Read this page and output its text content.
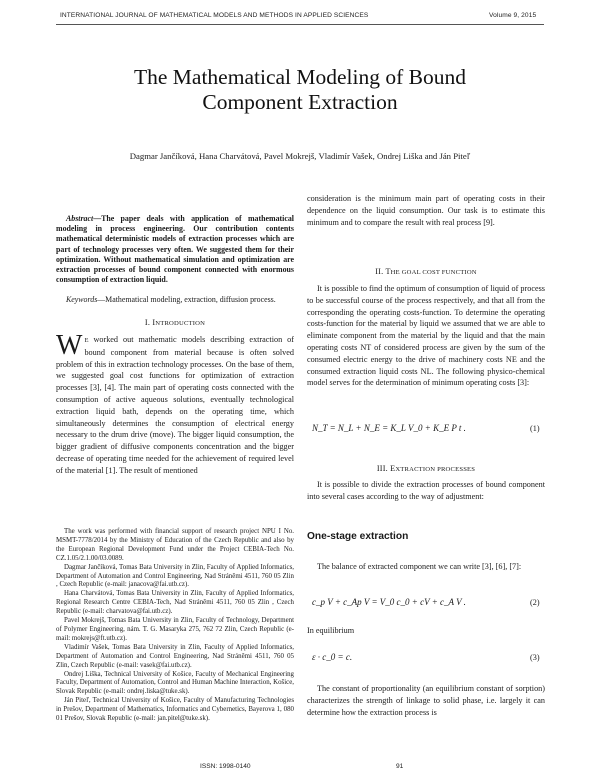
INTERNATIONAL JOURNAL OF MATHEMATICAL MODELS AND METHODS IN APPLIED SCIENCES	Volume 9, 2015
The Mathematical Modeling of Bound
Component Extraction
Dagmar Jančíková, Hana Charvátová, Pavel Mokrejš, Vladimír Vašek, Ondrej Liška and Ján Piteľ
Abstract—The paper deals with application of mathematical modeling in process engineering. Our contribution contents mathematical deterministic models of extraction processes which are part of technology processes very often. We suggested them for their optimization. Without mathematical simulation and optimization are extraction processes of bound component connected with enormous consumption of extraction liquid.
Keywords—Mathematical modeling, extraction, diffusion process.
I. INTRODUCTION
W E worked out mathematic models describing extraction of bound component from material because is often solved problem of this in extraction technology processes. On the base of them, we suggested goal cost functions for optimization of extraction processes [3], [4]. The main part of operating costs connected with the consumption of active aqueous solutions, eventually technological extraction liquid bath, depends on the operating time, which simultaneously determines the consumption of electrical energy necessary to the drum drive (move). The bigger liquid consumption, the bigger gradient of diffusive components concentration and the bigger decrease of operating time needed for the achievement of required level of the material [1]. The result of mentioned

The work was performed with financial support of research project NPU I No. MSMT-7778/2014 by the Ministry of Education of the Czech Republic and also by the European Regional Development Fund under the Project CEBIA-Tech No. CZ.1.05/2.1.00/03.0089.

Dagmar Jančíková, Tomas Bata University in Zlin, Faculty of Applied Informatics, Department of Automation and Control Engineering, Nad Stráněmi 4511, 760 05 Zlin , Czech Republic (e-mail: janacova@fai.utb.cz).

Hana Charvátová, Tomas Bata University in Zlin, Faculty of Applied Informatics, Regional Research Centre CEBIA-Tech, Nad Stráněmi 4511, 760 05 Zlin , Czech Republic (e-mail: charvatova@fai.utb.cz).

Pavel Mokrejš, Tomas Bata University in Zlin, Faculty of Technology, Department of Polymer Engineering, nám. T. G. Masaryka 275, 762 72 Zlin, Czech Republic (e-mail: mokrejs@ft.utb.cz).

Vladimír Vašek, Tomas Bata University in Zlin, Faculty of Applied Informatics, Department of Automation and Control Engineering, Nad Stráněmi 4511, 760 05 Zlin, Czech Republic (e-mail: vasek@fai.utb.cz).

Ondrej Liška, Technical University of Košice, Faculty of Mechanical Engineering Faculty, Department of Automation, Control and Human Machine Interaction, Košice, Slovak Republic (e-mail: ondrej.liska@tuke.sk).

Ján Piteľ, Technical University of Košice, Faculty of Manufacturing Technologies in Prešov, Department of Mathematics, Informatics and Cybernetics, Bayerova 1, 080 01 Prešov, Slovak Republic (e-mail: jan.pitel@tuke.sk).

consideration is the minimum main part of operating costs in their dependence on the liquid consumption. Our task is to estimate this minimum and to compare the result with real process [9].
II. THE GOAL COST FUNCTION

It is possible to find the optimum of consumption of liquid of process to be successful course of the process respectively, and that all from the corresponding the operating costs-function. To determine the operating costs-function for the material by liquid we assumed that we are able to eliminate component from the material by the liquid and that the main operating costs NT of considered process are given by the sum of the consumed electric energy to the drive of machinery costs NE and the consumed extraction liquid costs NL. The following physico-chemical model serves for the determination of minimum operating costs [3]:

N_T = N_L + N_E = K_L V_0 + K_E P t .	(1)
III. EXTRACTION PROCESSES

It is possible to divide the extraction processes of bound component into several cases according to the way of adjustment:

One-stage extraction

The balance of extracted component we can write [3], [6], [7]:

c_p V + c_Ap V = V_0 c_0 + cV + c_A V .	(2)
In equilibrium
ε · c_0 = c.	(3)

The constant of proportionality (an equilibrium constant of sorption) characterizes the strength of linkage to solid phase, i.e. largely it can determine how the extraction process is

ISSN: 1998-0140	91
